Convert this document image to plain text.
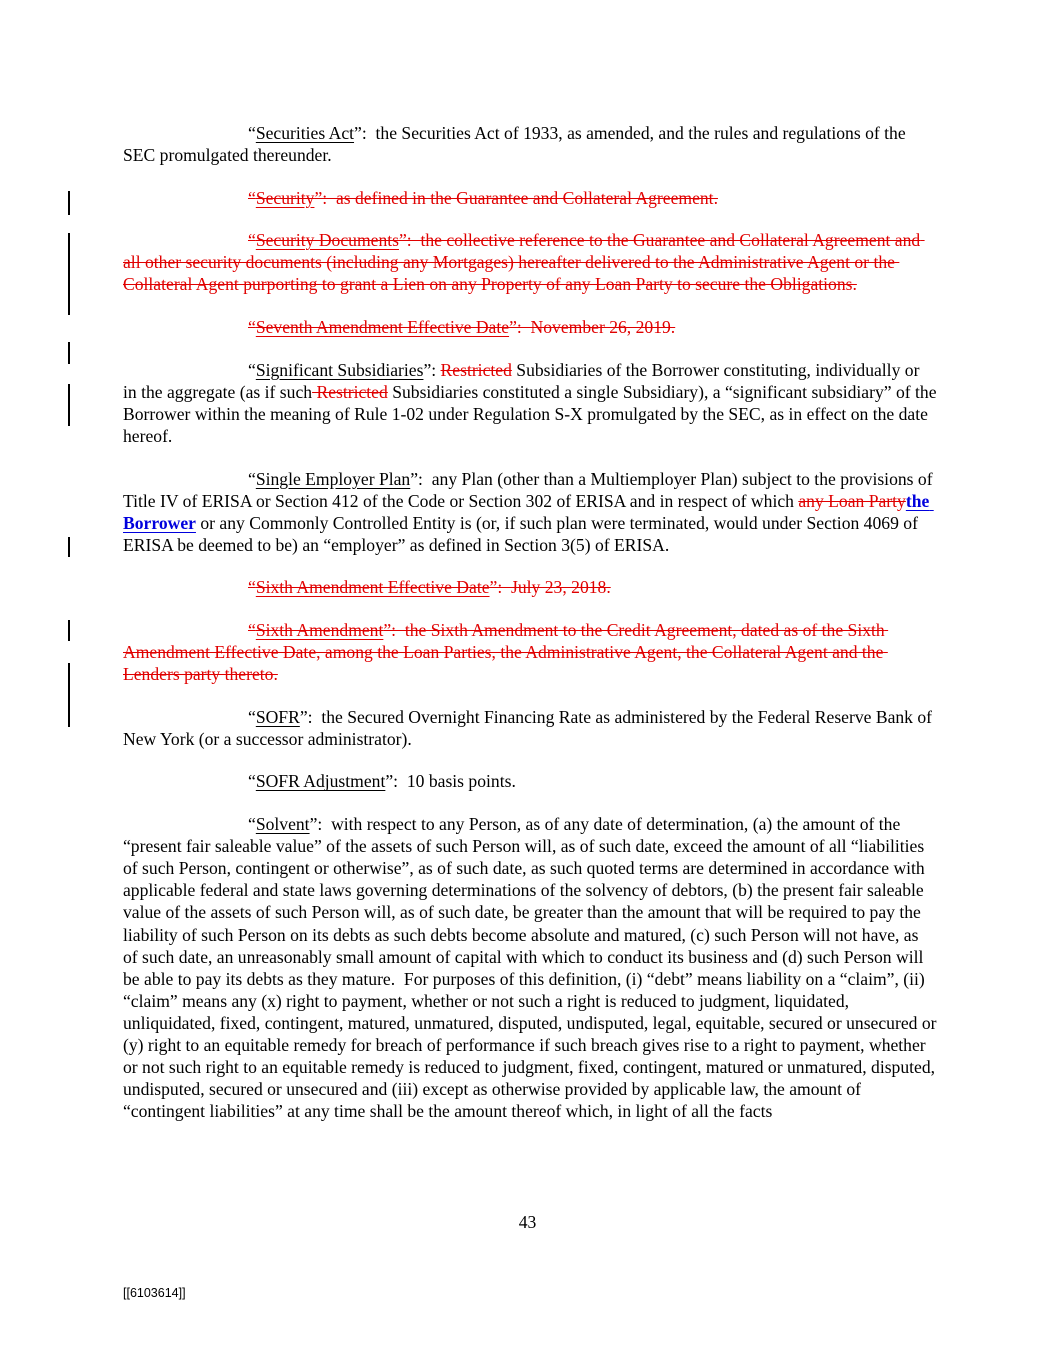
“Securities Act”:  the Securities Act of 1933, as amended, and the rules and regulations of the SEC promulgated thereunder.

“Security”:  as defined in the Guarantee and Collateral Agreement.

“Security Documents”:  the collective reference to the Guarantee and Collateral Agreement and all other security documents (including any Mortgages) hereafter delivered to the Administrative Agent or the Collateral Agent purporting to grant a Lien on any Property of any Loan Party to secure the Obligations.

“Seventh Amendment Effective Date”:  November 26, 2019.

“Significant Subsidiaries”: Restricted Subsidiaries of the Borrower constituting, individually or in the aggregate (as if such Restricted Subsidiaries constituted a single Subsidiary), a “significant subsidiary” of the Borrower within the meaning of Rule 1-02 under Regulation S-X promulgated by the SEC, as in effect on the date hereof.

“Single Employer Plan”:  any Plan (other than a Multiemployer Plan) subject to the provisions of Title IV of ERISA or Section 412 of the Code or Section 302 of ERISA and in respect of which any Loan Partythe Borrower or any Commonly Controlled Entity is (or, if such plan were terminated, would under Section 4069 of ERISA be deemed to be) an “employer” as defined in Section 3(5) of ERISA.

“Sixth Amendment Effective Date”:  July 23, 2018.

“Sixth Amendment”:  the Sixth Amendment to the Credit Agreement, dated as of the Sixth Amendment Effective Date, among the Loan Parties, the Administrative Agent, the Collateral Agent and the Lenders party thereto.

“SOFR”:  the Secured Overnight Financing Rate as administered by the Federal Reserve Bank of New York (or a successor administrator).

“SOFR Adjustment”:  10 basis points.

“Solvent”:  with respect to any Person, as of any date of determination, (a) the amount of the “present fair saleable value” of the assets of such Person will, as of such date, exceed the amount of all “liabilities of such Person, contingent or otherwise”, as of such date, as such quoted terms are determined in accordance with applicable federal and state laws governing determinations of the solvency of debtors, (b) the present fair saleable value of the assets of such Person will, as of such date, be greater than the amount that will be required to pay the liability of such Person on its debts as such debts become absolute and matured, (c) such Person will not have, as of such date, an unreasonably small amount of capital with which to conduct its business and (d) such Person will be able to pay its debts as they mature.  For purposes of this definition, (i) “debt” means liability on a “claim”, (ii) “claim” means any (x) right to payment, whether or not such a right is reduced to judgment, liquidated, unliquidated, fixed, contingent, matured, unmatured, disputed, undisputed, legal, equitable, secured or unsecured or (y) right to an equitable remedy for breach of performance if such breach gives rise to a right to payment, whether or not such right to an equitable remedy is reduced to judgment, fixed, contingent, matured or unmatured, disputed, undisputed, secured or unsecured and (iii) except as otherwise provided by applicable law, the amount of “contingent liabilities” at any time shall be the amount thereof which, in light of all the facts

43
[[6103614]]
